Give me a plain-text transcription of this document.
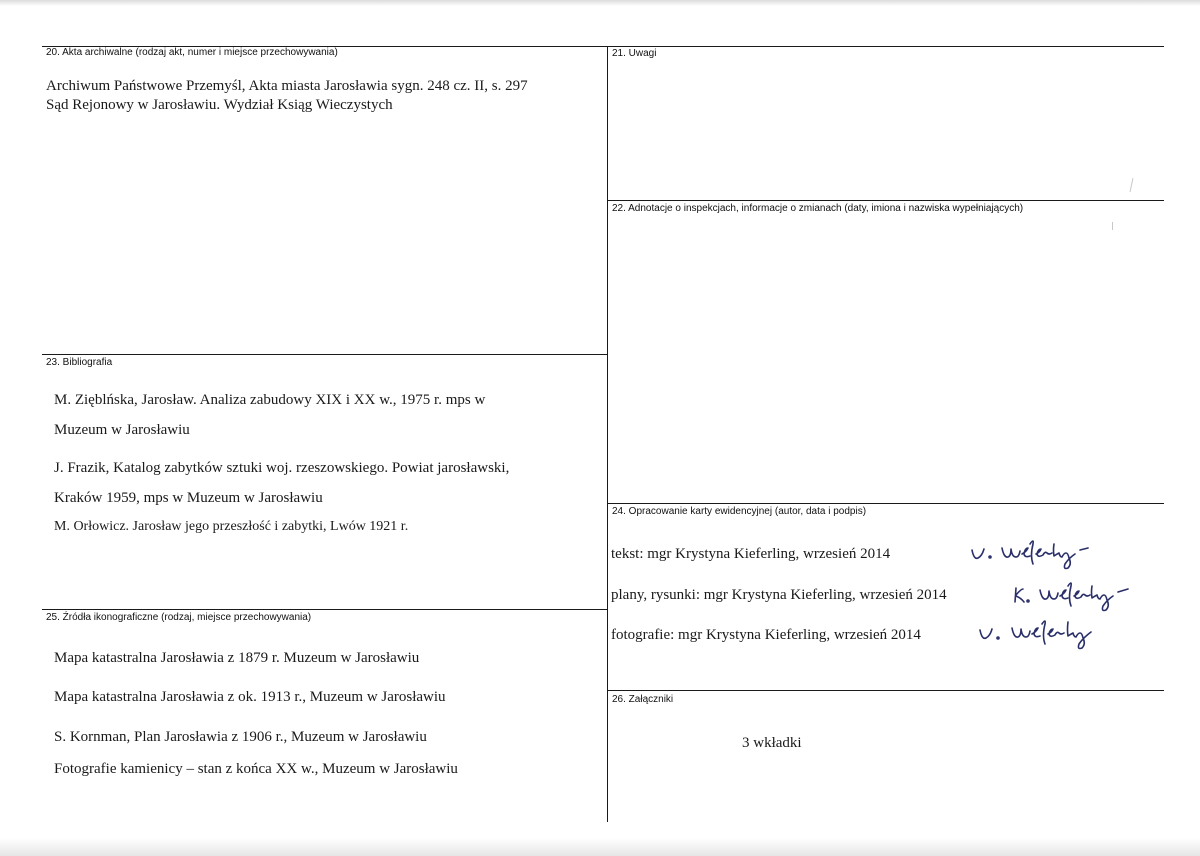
20. Akta archiwalne (rodzaj akt, numer i miejsce przechowywania)
Archiwum Państwowe Przemyśl, Akta miasta Jarosławia sygn. 248 cz. II, s. 297
Sąd Rejonowy w Jarosławiu. Wydział Ksiąg Wieczystych
21. Uwagi
22. Adnotacje o inspekcjach, informacje o zmianach (daty, imiona i nazwiska wypełniających)
23. Bibliografia
M. Zięblńska, Jarosław. Analiza zabudowy XIX i XX w., 1975 r. mps w
Muzeum w Jarosławiu
J. Frazik, Katalog zabytków sztuki woj. rzeszowskiego. Powiat jarosławski,
Kraków 1959, mps w Muzeum w Jarosławiu
M. Orłowicz. Jarosław jego przeszłość i zabytki, Lwów 1921 r.
24. Opracowanie karty ewidencyjnej (autor, data i podpis)
tekst: mgr Krystyna Kieferling, wrzesień 2014
plany, rysunki: mgr Krystyna Kieferling, wrzesień 2014
fotografie: mgr Krystyna Kieferling, wrzesień 2014
25. Źródła ikonograficzne (rodzaj, miejsce przechowywania)
Mapa katastralna Jarosławia z 1879 r. Muzeum w Jarosławiu
Mapa katastralna Jarosławia z ok. 1913 r., Muzeum w Jarosławiu
S. Kornman, Plan Jarosławia z 1906 r., Muzeum w Jarosławiu
Fotografie kamienicy – stan z końca XX w., Muzeum w Jarosławiu
26. Załączniki
3 wkładki
